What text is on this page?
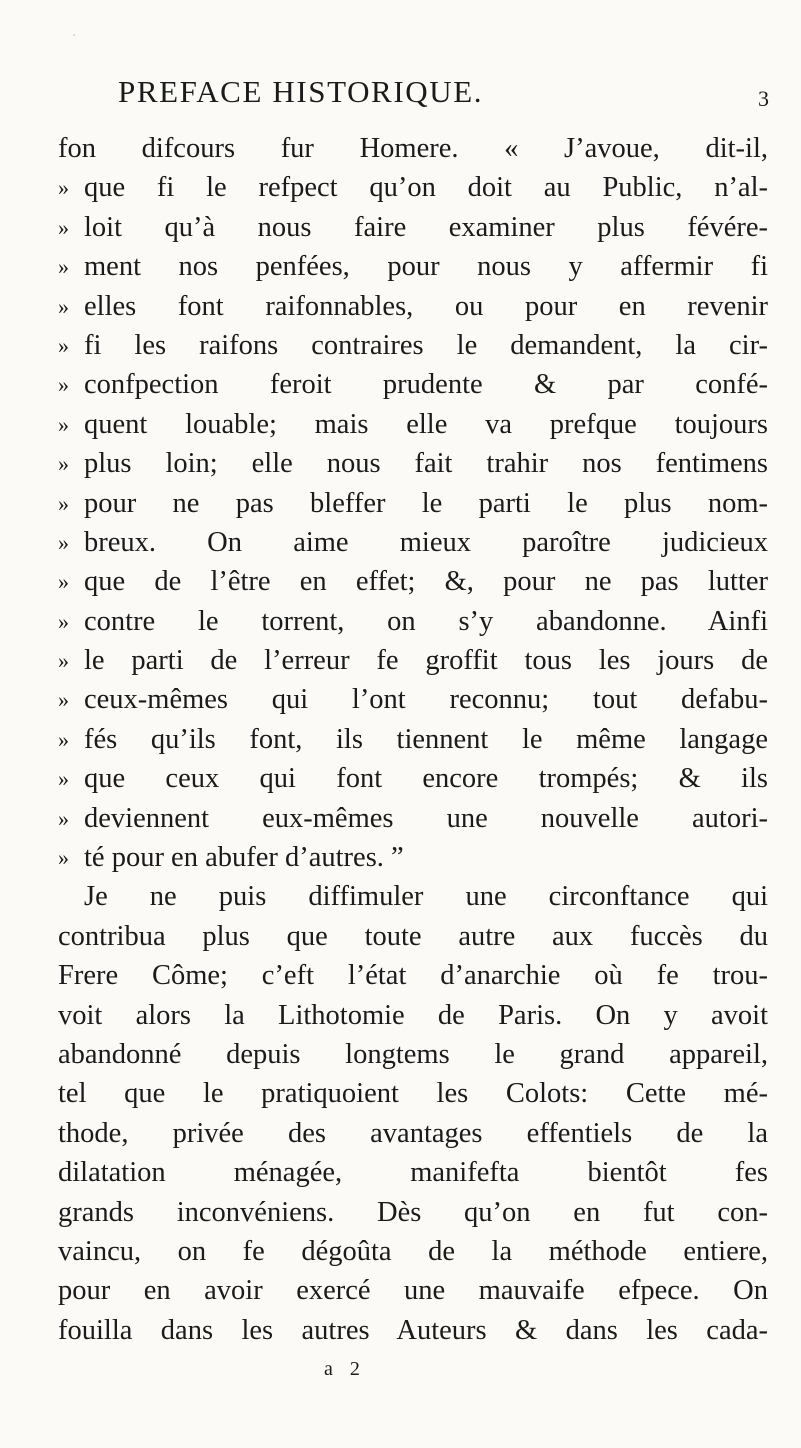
·
PREFACE HISTORIQUE.	3
fon difcours fur Homere. « J’avoue, dit-il,
» que fi le refpect qu’on doit au Public, n’al-
» loit qu’à nous faire examiner plus févére-
» ment nos penfées, pour nous y affermir fi
» elles font raifonnables, ou pour en revenir
» fi les raifons contraires le demandent, la cir-
» confpection feroit prudente & par confé-
» quent louable; mais elle va prefque toujours
» plus loin; elle nous fait trahir nos fentimens
» pour ne pas bleffer le parti le plus nom-
» breux. On aime mieux paroître judicieux
» que de l’être en effet; &, pour ne pas lutter
» contre le torrent, on s’y abandonne. Ainfi
» le parti de l’erreur fe groffit tous les jours de
» ceux-mêmes qui l’ont reconnu; tout defabu-
» fés qu’ils font, ils tiennent le même langage
» que ceux qui font encore trompés; & ils
» deviennent eux-mêmes une nouvelle autori-
» té pour en abufer d’autres. ”
Je ne puis diffimuler une circonftance qui
contribua plus que toute autre aux fuccès du
Frere Côme; c’eft l’état d’anarchie où fe trou-
voit alors la Lithotomie de Paris. On y avoit
abandonné depuis longtems le grand appareil,
tel que le pratiquoient les Colots: Cette mé-
thode, privée des avantages effentiels de la
dilatation ménagée, manifefta bientôt fes
grands inconvéniens. Dès qu’on en fut con-
vaincu, on fe dégoûta de la méthode entiere,
pour en avoir exercé une mauvaife efpece. On
fouilla dans les autres Auteurs & dans les cada-
a 2
